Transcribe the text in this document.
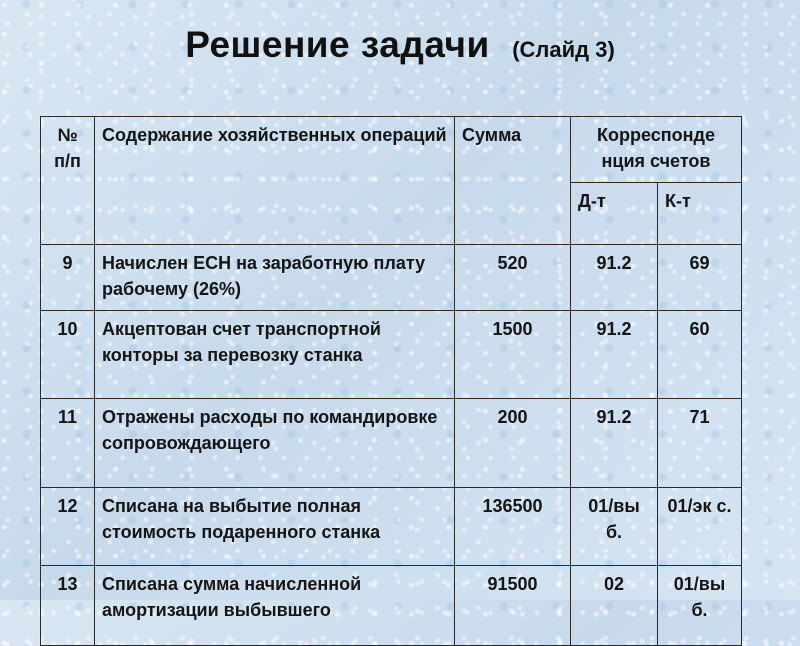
Решение задачи (Слайд 3)
№ п/п	Содержание хозяйственных операций	Сумма	Корреспонде нция счетов	
			Д-т	К-т
9	Начислен ЕСН на заработную плату рабочему (26%)	520	91.2	69
10	Акцептован счет транспортной конторы за перевозку станка	1500	91.2	60
11	Отражены расходы по командировке сопровождающего	200	91.2	71
12	Списана на выбытие полная стоимость подаренного станка	136500	01/вы б.	01/эк с.
13	Списана сумма начисленной амортизации выбывшего	91500	02	01/вы б.
16
